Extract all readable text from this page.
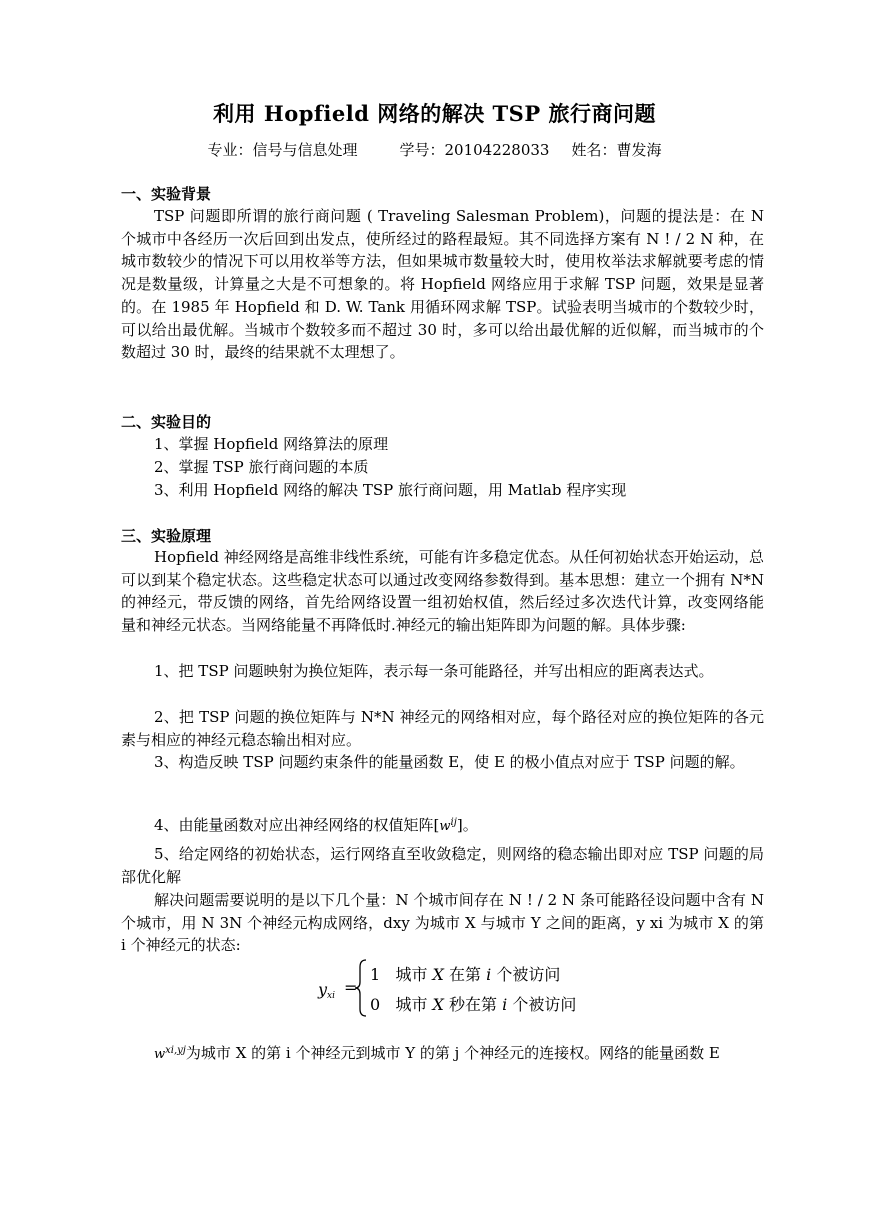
利用 Hopfield 网络的解决 TSP 旅行商问题
专业：信号与信息处理	学号：20104228033 姓名：曹发海
一、实验背景
TSP 问题即所谓的旅行商问题 ( Traveling Salesman Problem)，问题的提法是：在 N 个城市中各经历一次后回到出发点，使所经过的路程最短。其不同选择方案有 N ! / 2 N 种，在城市数较少的情况下可以用枚举等方法，但如果城市数量较大时，使用枚举法求解就要考虑的情况是数量级，计算量之大是不可想象的。将 Hopfield 网络应用于求解 TSP 问题，效果是显著的。在 1985 年 Hopfield 和 D. W. Tank 用循环网求解 TSP。试验表明当城市的个数较少时，可以给出最优解。当城市个数较多而不超过 30 时，多可以给出最优解的近似解，而当城市的个数超过 30 时，最终的结果就不太理想了。
二、实验目的
1、掌握 Hopfield 网络算法的原理
2、掌握 TSP 旅行商问题的本质
3、利用 Hopfield 网络的解决 TSP 旅行商问题，用 Matlab 程序实现
三、实验原理
Hopfield 神经网络是高维非线性系统，可能有许多稳定优态。从任何初始状态开始运动，总可以到某个稳定状态。这些稳定状态可以通过改变网络参数得到。基本思想：建立一个拥有 N*N 的神经元，带反馈的网络，首先给网络设置一组初始权值，然后经过多次迭代计算，改变网络能量和神经元状态。当网络能量不再降低时.神经元的输出矩阵即为问题的解。具体步骤:
1、把 TSP 问题映射为换位矩阵，表示每一条可能路径，并写出相应的距离表达式。
2、把 TSP 问题的换位矩阵与 N*N 神经元的网络相对应，每个路径对应的换位矩阵的各元素与相应的神经元稳态输出相对应。
3、构造反映 TSP 问题约束条件的能量函数 E，使 E 的极小值点对应于 TSP 问题的解。
4、由能量函数对应出神经网络的权值矩阵$[w^{ij}]$。
5、给定网络的初始状态，运行网络直至收敛稳定，则网络的稳态输出即对应 TSP 问题的局部优化解
解决问题需要说明的是以下几个量：N 个城市间存在 N ! / 2 N 条可能路径设问题中含有 N 个城市，用 N 3N 个神经元构成网络，dxy 为城市 X 与城市 Y 之间的距离，y xi 为城市 X 的第 i 个神经元的状态:
yxi =
1 城市 X 在第 i 个被访问
0 城市 X 秒在第 i 个被访问
$w^{xi,yj}$为城市 X 的第 i 个神经元到城市 Y 的第 j 个神经元的连接权。网络的能量函数 E
